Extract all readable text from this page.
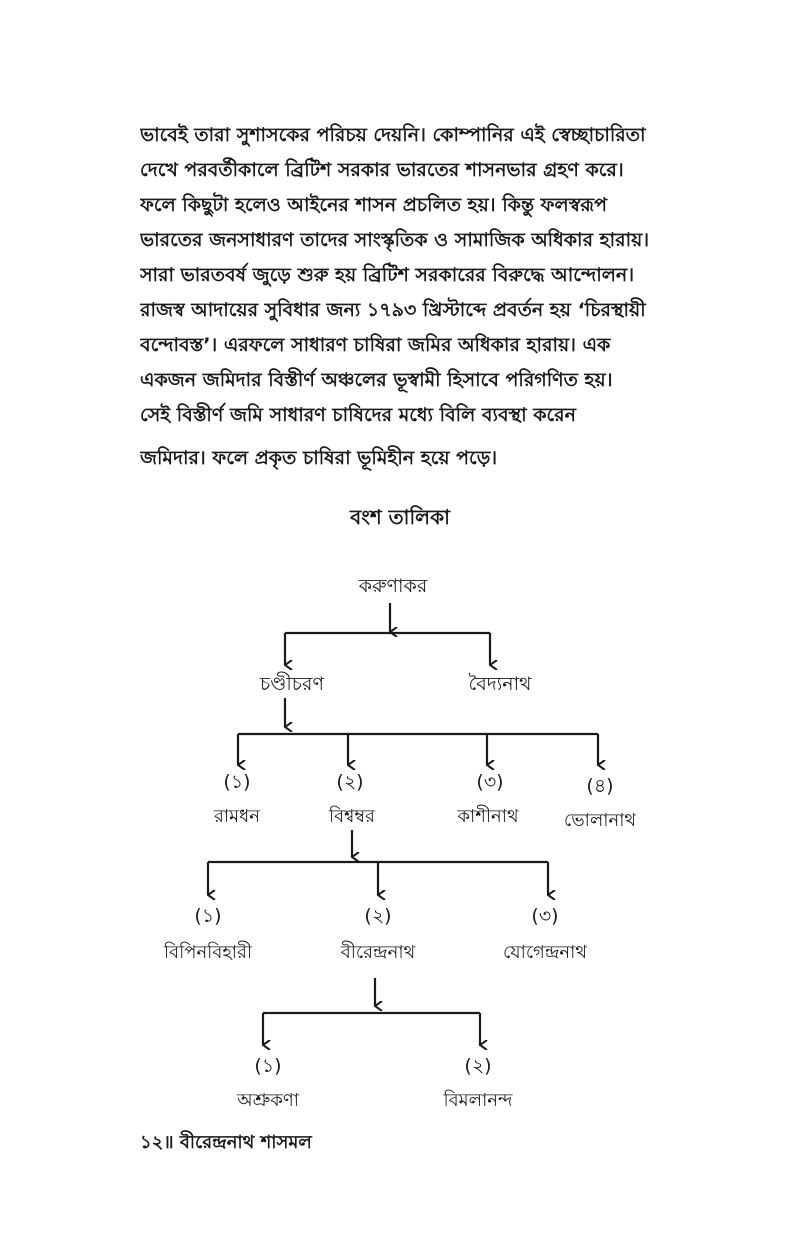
ভাবেই তারা সুশাসকের পরিচয় দেয়নি। কোম্পানির এই স্বেচ্ছাচারিতা
দেখে পরবর্তীকালে ব্রিটিশ সরকার ভারতের শাসনভার গ্রহণ করে।
ফলে কিছুটা হলেও আইনের শাসন প্রচলিত হয়। কিন্তু ফলস্বরূপ
ভারতের জনসাধারণ তাদের সাংস্কৃতিক ও সামাজিক অধিকার হারায়।
সারা ভারতবর্ষ জুড়ে শুরু হয় ব্রিটিশ সরকারের বিরুদ্ধে আন্দোলন।
রাজস্ব আদায়ের সুবিধার জন্য ১৭৯৩ খ্রিস্টাব্দে প্রবর্তন হয় ‘চিরস্থায়ী
বন্দোবস্ত’। এরফলে সাধারণ চাষিরা জমির অধিকার হারায়। এক
একজন জমিদার বিস্তীর্ণ অঞ্চলের ভূস্বামী হিসাবে পরিগণিত হয়।
সেই বিস্তীর্ণ জমি সাধারণ চাষিদের মধ্যে বিলি ব্যবস্থা করেন
জমিদার। ফলে প্রকৃত চাষিরা ভূমিহীন হয়ে পড়ে।
বংশ তালিকা
করুণাকর
চণ্ডীচরণ	বৈদ্যনাথ
(১)
রামধন
(২)
বিশ্বম্বর
(৩)
কাশীনাথ
(৪)
ভোলানাথ
(১)
বিপিনবিহারী
(২)
বীরেন্দ্রনাথ
(৩)
যোগেন্দ্রনাথ
(১)
অশ্রুকণা
(২)
বিমলানন্দ
১২॥ বীরেন্দ্রনাথ শাসমল
